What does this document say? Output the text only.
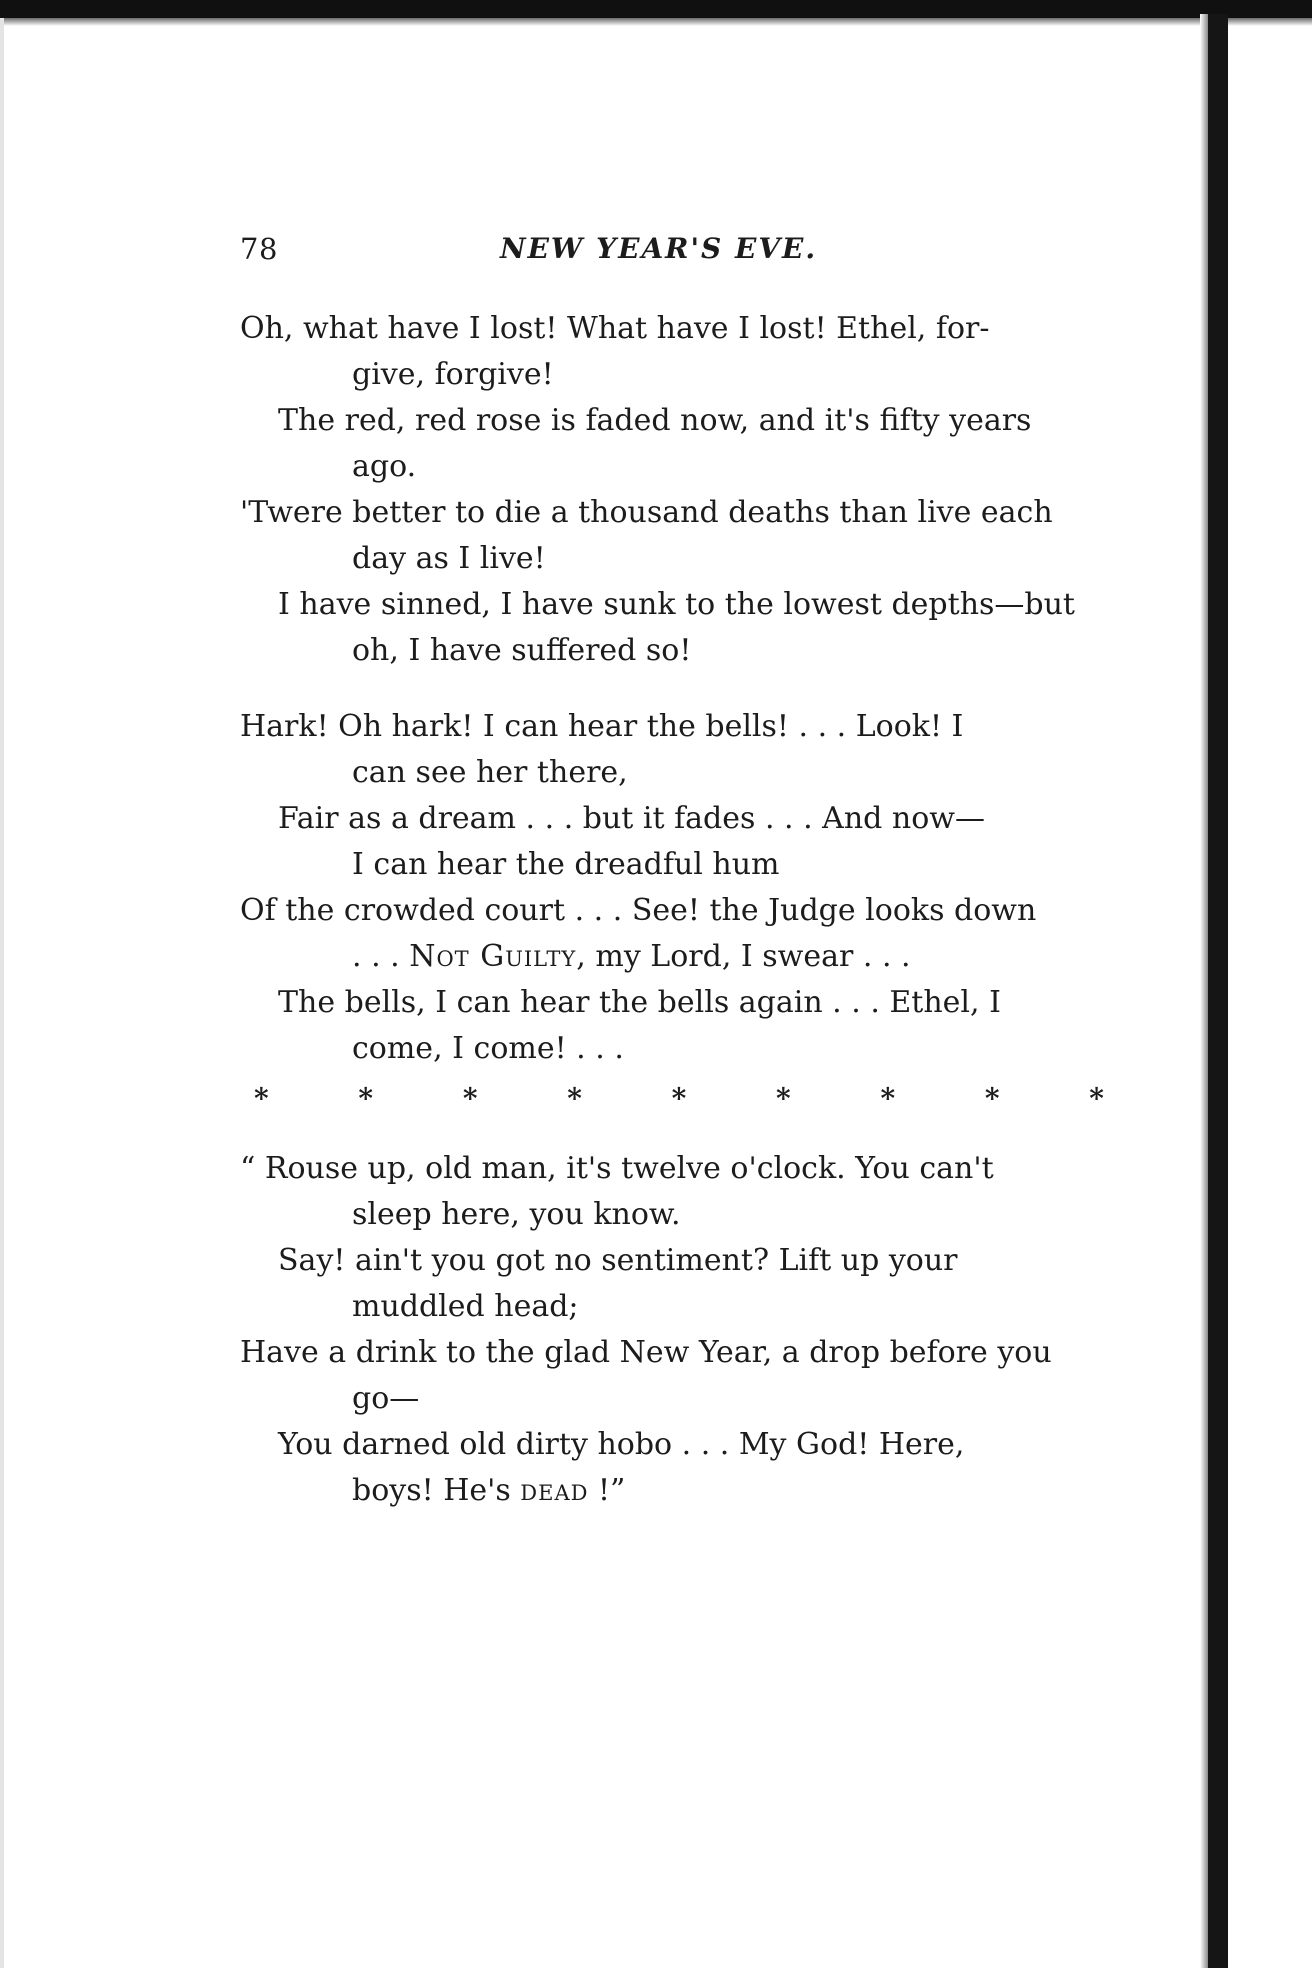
78	NEW YEAR'S EVE.
Oh, what have I lost! What have I lost! Ethel, for-
give, forgive!
The red, red rose is faded now, and it's fifty years
ago.
'Twere better to die a thousand deaths than live each
day as I live!
I have sinned, I have sunk to the lowest depths—but
oh, I have suffered so!
Hark! Oh hark! I can hear the bells! . . . Look! I
can see her there,
Fair as a dream . . . but it fades . . . And now—
I can hear the dreadful hum
Of the crowded court . . . See! the Judge looks down
. . . Not Guilty, my Lord, I swear . . .
The bells, I can hear the bells again . . . Ethel, I
come, I come! . . .
*	*	*	*	*	*	*	*	*
“ Rouse up, old man, it's twelve o'clock. You can't
sleep here, you know.
Say! ain't you got no sentiment? Lift up your
muddled head;
Have a drink to the glad New Year, a drop before you
go—
You darned old dirty hobo . . . My God! Here,
boys! He's dead !”
